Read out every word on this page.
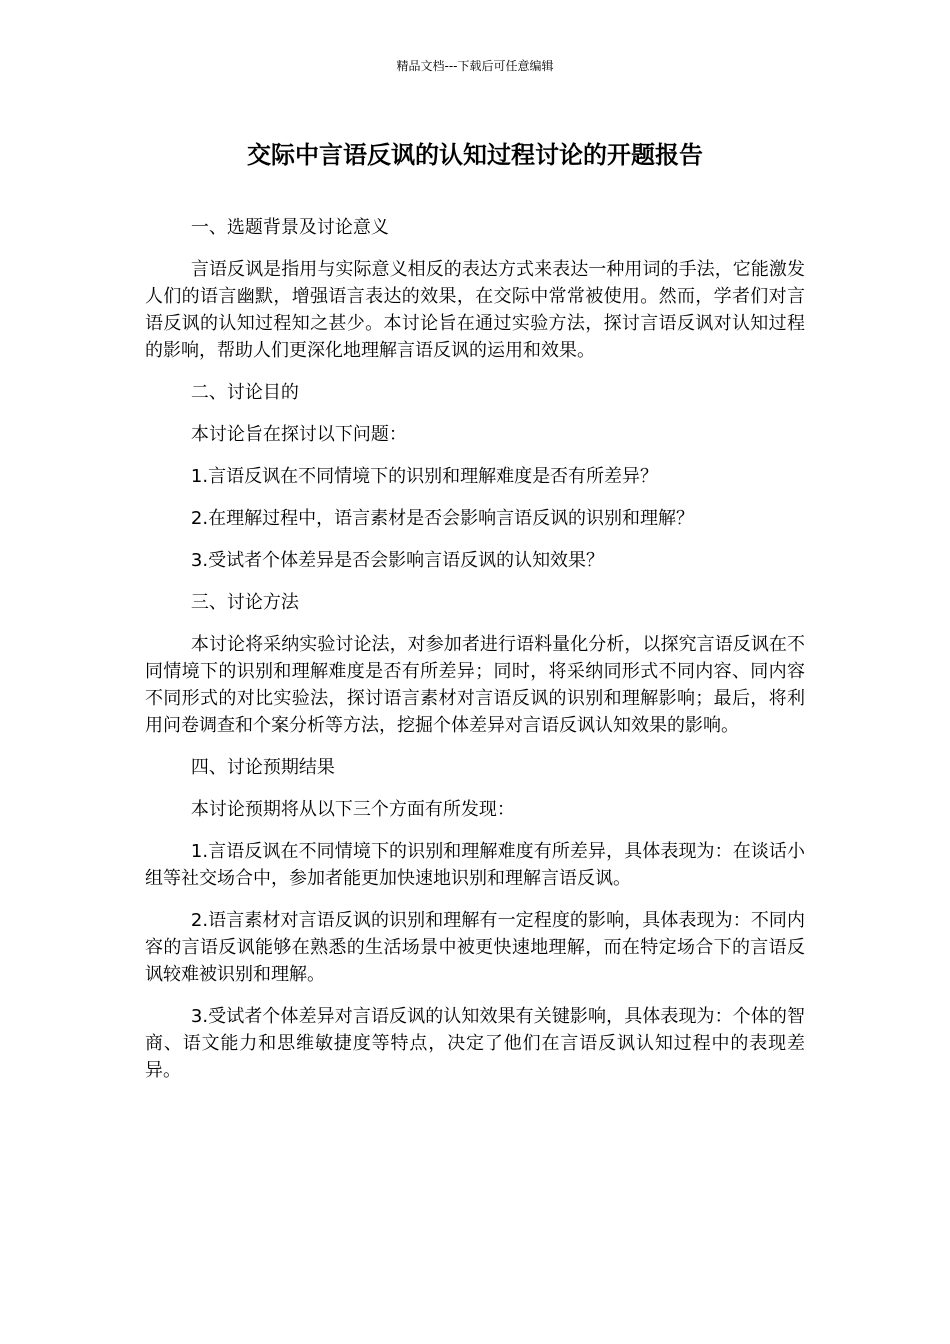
精品文档---下载后可任意编辑
交际中言语反讽的认知过程讨论的开题报告

一、选题背景及讨论意义

言语反讽是指用与实际意义相反的表达方式来表达一种用词的手法，它能激发人们的语言幽默，增强语言表达的效果，在交际中常常被使用。然而，学者们对言语反讽的认知过程知之甚少。本讨论旨在通过实验方法，探讨言语反讽对认知过程的影响，帮助人们更深化地理解言语反讽的运用和效果。

二、讨论目的

本讨论旨在探讨以下问题：

1.言语反讽在不同情境下的识别和理解难度是否有所差异？

2.在理解过程中，语言素材是否会影响言语反讽的识别和理解？

3.受试者个体差异是否会影响言语反讽的认知效果？

三、讨论方法

本讨论将采纳实验讨论法，对参加者进行语料量化分析，以探究言语反讽在不同情境下的识别和理解难度是否有所差异；同时，将采纳同形式不同内容、同内容不同形式的对比实验法，探讨语言素材对言语反讽的识别和理解影响；最后，将利用问卷调查和个案分析等方法，挖掘个体差异对言语反讽认知效果的影响。

四、讨论预期结果

本讨论预期将从以下三个方面有所发现：

1.言语反讽在不同情境下的识别和理解难度有所差异，具体表现为：在谈话小组等社交场合中，参加者能更加快速地识别和理解言语反讽。

2.语言素材对言语反讽的识别和理解有一定程度的影响，具体表现为：不同内容的言语反讽能够在熟悉的生活场景中被更快速地理解，而在特定场合下的言语反讽较难被识别和理解。

3.受试者个体差异对言语反讽的认知效果有关键影响，具体表现为：个体的智商、语文能力和思维敏捷度等特点，决定了他们在言语反讽认知过程中的表现差异。
